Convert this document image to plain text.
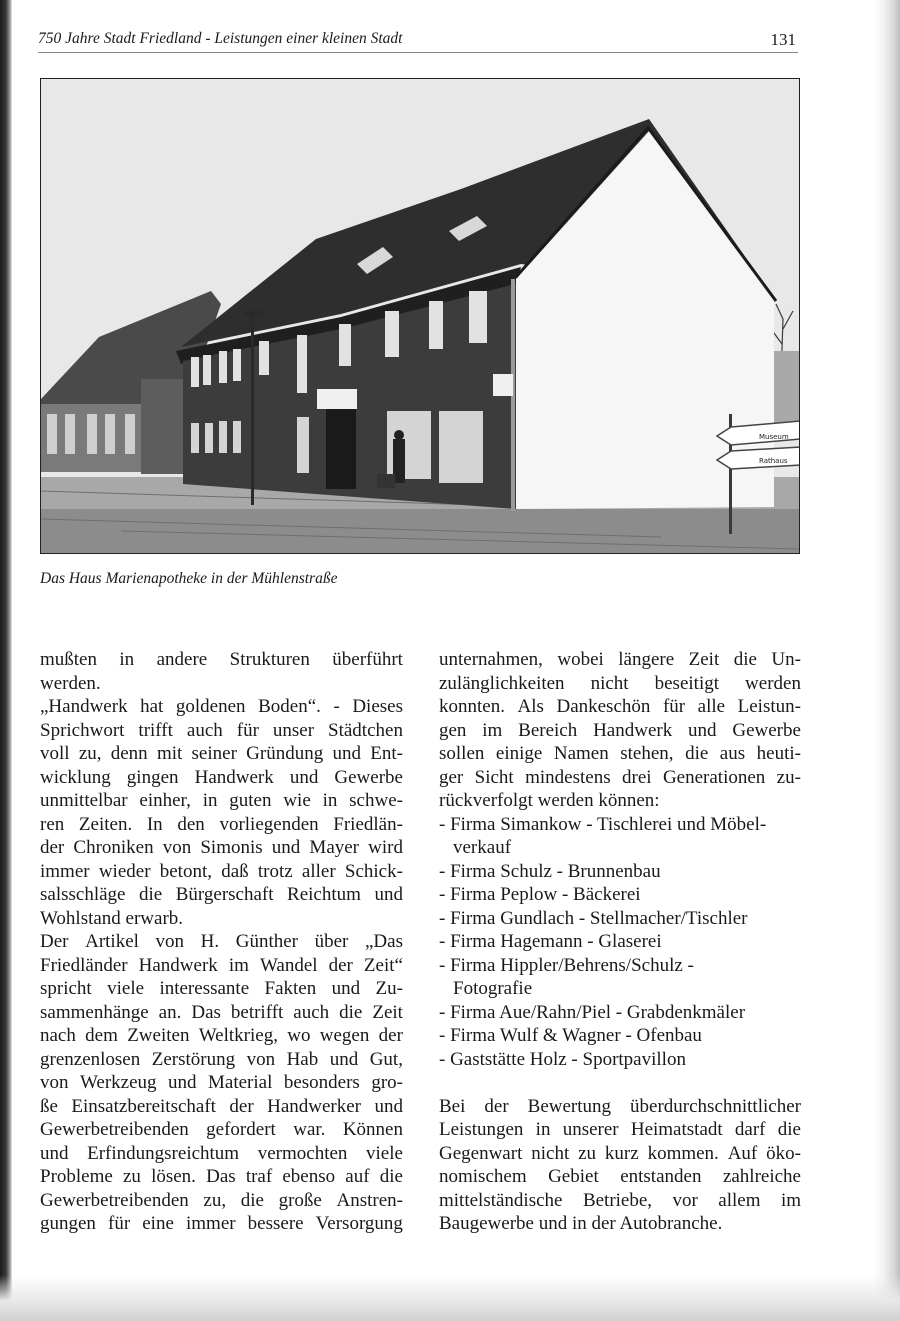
750 Jahre Stadt Friedland - Leistungen einer kleinen Stadt	131
Museum
Rathaus
Das Haus Marienapotheke in der Mühlenstraße
mußten in andere Strukturen überführt
werden.
„Handwerk hat goldenen Boden“. - Dieses
Sprichwort trifft auch für unser Städtchen
voll zu, denn mit seiner Gründung und Ent-
wicklung gingen Handwerk und Gewerbe
unmittelbar einher, in guten wie in schwe-
ren Zeiten. In den vorliegenden Friedlän-
der Chroniken von Simonis und Mayer wird
immer wieder betont, daß trotz aller Schick-
salsschläge die Bürgerschaft Reichtum und
Wohlstand erwarb.
Der Artikel von H. Günther über „Das
Friedländer Handwerk im Wandel der Zeit“
spricht viele interessante Fakten und Zu-
sammenhänge an. Das betrifft auch die Zeit
nach dem Zweiten Weltkrieg, wo wegen der
grenzenlosen Zerstörung von Hab und Gut,
von Werkzeug und Material besonders gro-
ße Einsatzbereitschaft der Handwerker und
Gewerbetreibenden gefordert war. Können
und Erfindungsreichtum vermochten viele
Probleme zu lösen. Das traf ebenso auf die
Gewerbetreibenden zu, die große Anstren-
gungen für eine immer bessere Versorgung
unternahmen, wobei längere Zeit die Un-
zulänglichkeiten nicht beseitigt werden
konnten. Als Dankeschön für alle Leistun-
gen im Bereich Handwerk und Gewerbe
sollen einige Namen stehen, die aus heuti-
ger Sicht mindestens drei Generationen zu-
rückverfolgt werden können:
- Firma Simankow - Tischlerei und Möbel-
verkauf
- Firma Schulz - Brunnenbau
- Firma Peplow - Bäckerei
- Firma Gundlach - Stellmacher/Tischler
- Firma Hagemann - Glaserei
- Firma Hippler/Behrens/Schulz -
Fotografie
- Firma Aue/Rahn/Piel - Grabdenkmäler
- Firma Wulf & Wagner - Ofenbau
- Gaststätte Holz - Sportpavillon
Bei der Bewertung überdurchschnittlicher
Leistungen in unserer Heimatstadt darf die
Gegenwart nicht zu kurz kommen. Auf öko-
nomischem Gebiet entstanden zahlreiche
mittelständische Betriebe, vor allem im
Baugewerbe und in der Autobranche.
